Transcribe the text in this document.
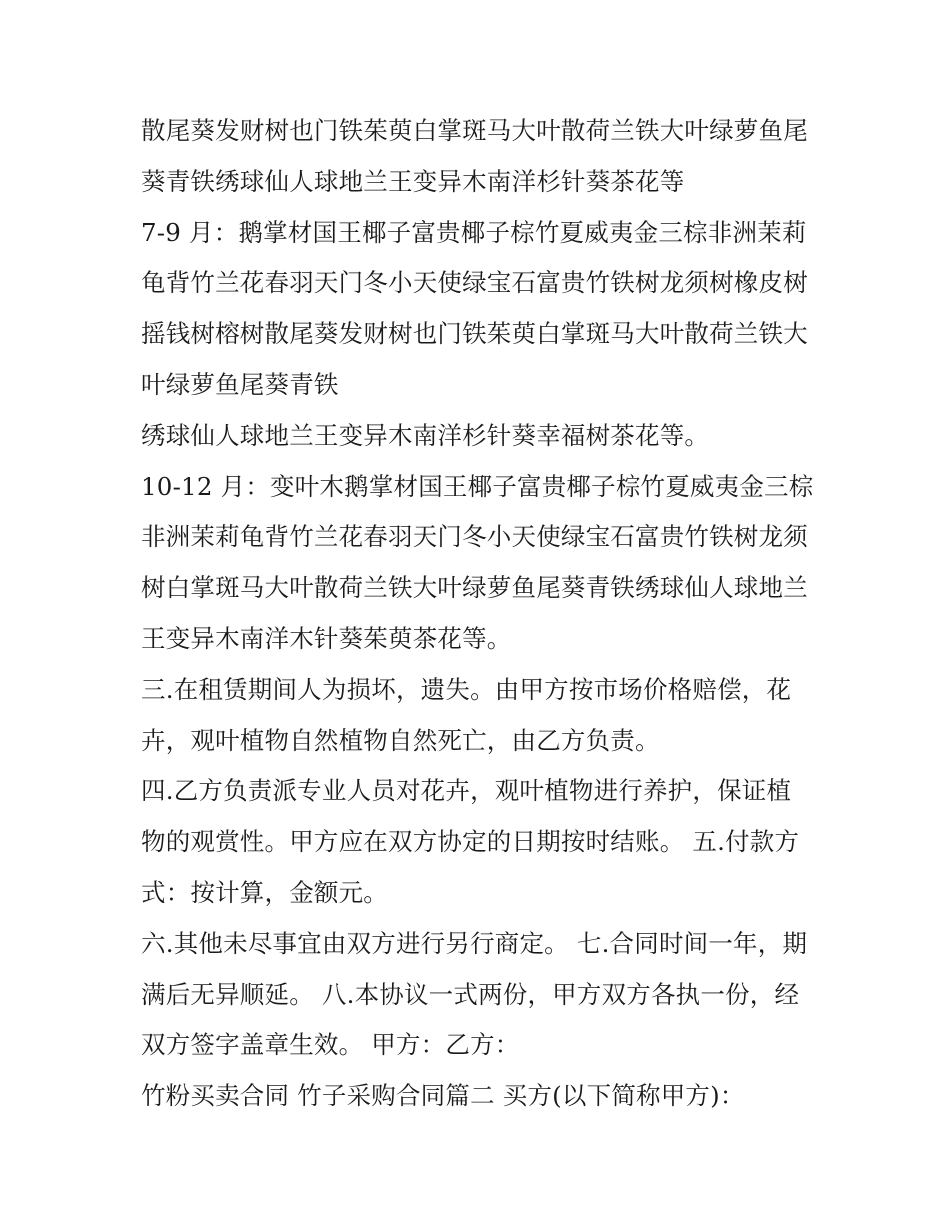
散尾葵发财树也门铁茱萸白掌斑马大叶散荷兰铁大叶绿萝鱼尾
葵青铁绣球仙人球地兰王变异木南洋杉针葵茶花等
7-9 月：鹅掌材国王椰子富贵椰子棕竹夏威夷金三棕非洲茉莉
龟背竹兰花春羽天门冬小天使绿宝石富贵竹铁树龙须树橡皮树
摇钱树榕树散尾葵发财树也门铁茱萸白掌斑马大叶散荷兰铁大
叶绿萝鱼尾葵青铁
绣球仙人球地兰王变异木南洋杉针葵幸福树茶花等。
10-12 月：变叶木鹅掌材国王椰子富贵椰子棕竹夏威夷金三棕
非洲茉莉龟背竹兰花春羽天门冬小天使绿宝石富贵竹铁树龙须
树白掌斑马大叶散荷兰铁大叶绿萝鱼尾葵青铁绣球仙人球地兰
王变异木南洋木针葵茱萸茶花等。
三.在租赁期间人为损坏，遗失。由甲方按市场价格赔偿，花
卉，观叶植物自然植物自然死亡，由乙方负责。
四.乙方负责派专业人员对花卉，观叶植物进行养护，保证植
物的观赏性。甲方应在双方协定的日期按时结账。 五.付款方
式：按计算，金额元。
六.其他未尽事宜由双方进行另行商定。 七.合同时间一年，期
满后无异顺延。 八.本协议一式两份，甲方双方各执一份，经
双方签字盖章生效。 甲方：乙方：
竹粉买卖合同 竹子采购合同篇二 买方(以下简称甲方)：
